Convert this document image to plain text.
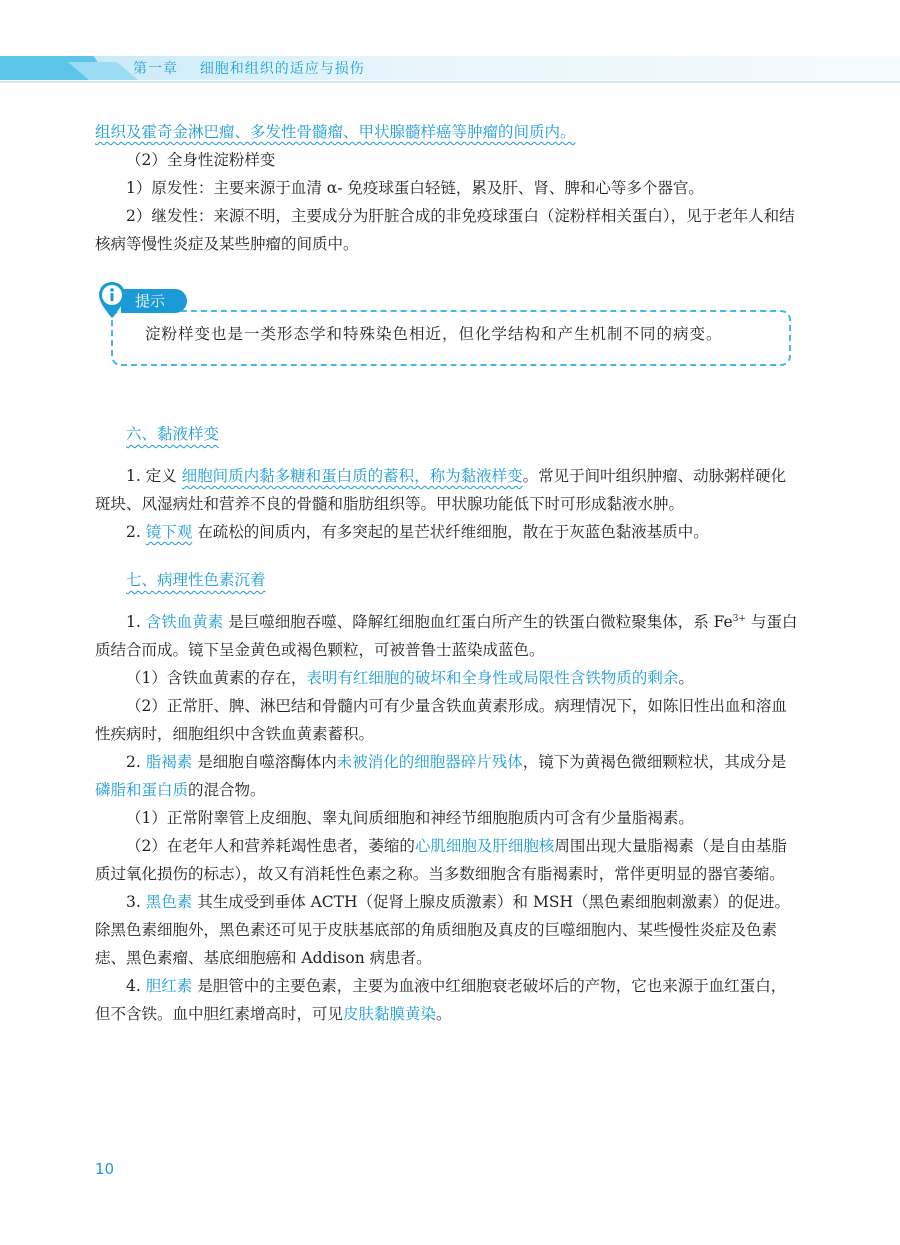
第一章 细胞和组织的适应与损伤

组织及霍奇金淋巴瘤、多发性骨髓瘤、甲状腺髓样癌等肿瘤的间质内。

（2）全身性淀粉样变

1）原发性：主要来源于血清 α- 免疫球蛋白轻链，累及肝、肾、脾和心等多个器官。

2）继发性：来源不明，主要成分为肝脏合成的非免疫球蛋白（淀粉样相关蛋白），见于老年人和结核病等慢性炎症及某些肿瘤的间质中。

提示
淀粉样变也是一类形态学和特殊染色相近，但化学结构和产生机制不同的病变。

六、黏液样变

1. 定义 细胞间质内黏多糖和蛋白质的蓄积，称为黏液样变。常见于间叶组织肿瘤、动脉粥样硬化斑块、风湿病灶和营养不良的骨髓和脂肪组织等。甲状腺功能低下时可形成黏液水肿。

2. 镜下观 在疏松的间质内，有多突起的星芒状纤维细胞，散在于灰蓝色黏液基质中。

七、病理性色素沉着

1. 含铁血黄素 是巨噬细胞吞噬、降解红细胞血红蛋白所产生的铁蛋白微粒聚集体，系 $Fe^{3+}$ 与蛋白质结合而成。镜下呈金黄色或褐色颗粒，可被普鲁士蓝染成蓝色。

（1）含铁血黄素的存在，表明有红细胞的破坏和全身性或局限性含铁物质的剩余。

（2）正常肝、脾、淋巴结和骨髓内可有少量含铁血黄素形成。病理情况下，如陈旧性出血和溶血性疾病时，细胞组织中含铁血黄素蓄积。

2. 脂褐素 是细胞自噬溶酶体内未被消化的细胞器碎片残体，镜下为黄褐色微细颗粒状，其成分是磷脂和蛋白质的混合物。

（1）正常附睾管上皮细胞、睾丸间质细胞和神经节细胞胞质内可含有少量脂褐素。

（2）在老年人和营养耗竭性患者，萎缩的心肌细胞及肝细胞核周围出现大量脂褐素（是自由基脂质过氧化损伤的标志），故又有消耗性色素之称。当多数细胞含有脂褐素时，常伴更明显的器官萎缩。

3. 黑色素 其生成受到垂体 ACTH（促肾上腺皮质激素）和 MSH（黑色素细胞刺激素）的促进。除黑色素细胞外，黑色素还可见于皮肤基底部的角质细胞及真皮的巨噬细胞内、某些慢性炎症及色素痣、黑色素瘤、基底细胞癌和 Addison 病患者。

4. 胆红素 是胆管中的主要色素，主要为血液中红细胞衰老破坏后的产物，它也来源于血红蛋白，但不含铁。血中胆红素增高时，可见皮肤黏膜黄染。

10
